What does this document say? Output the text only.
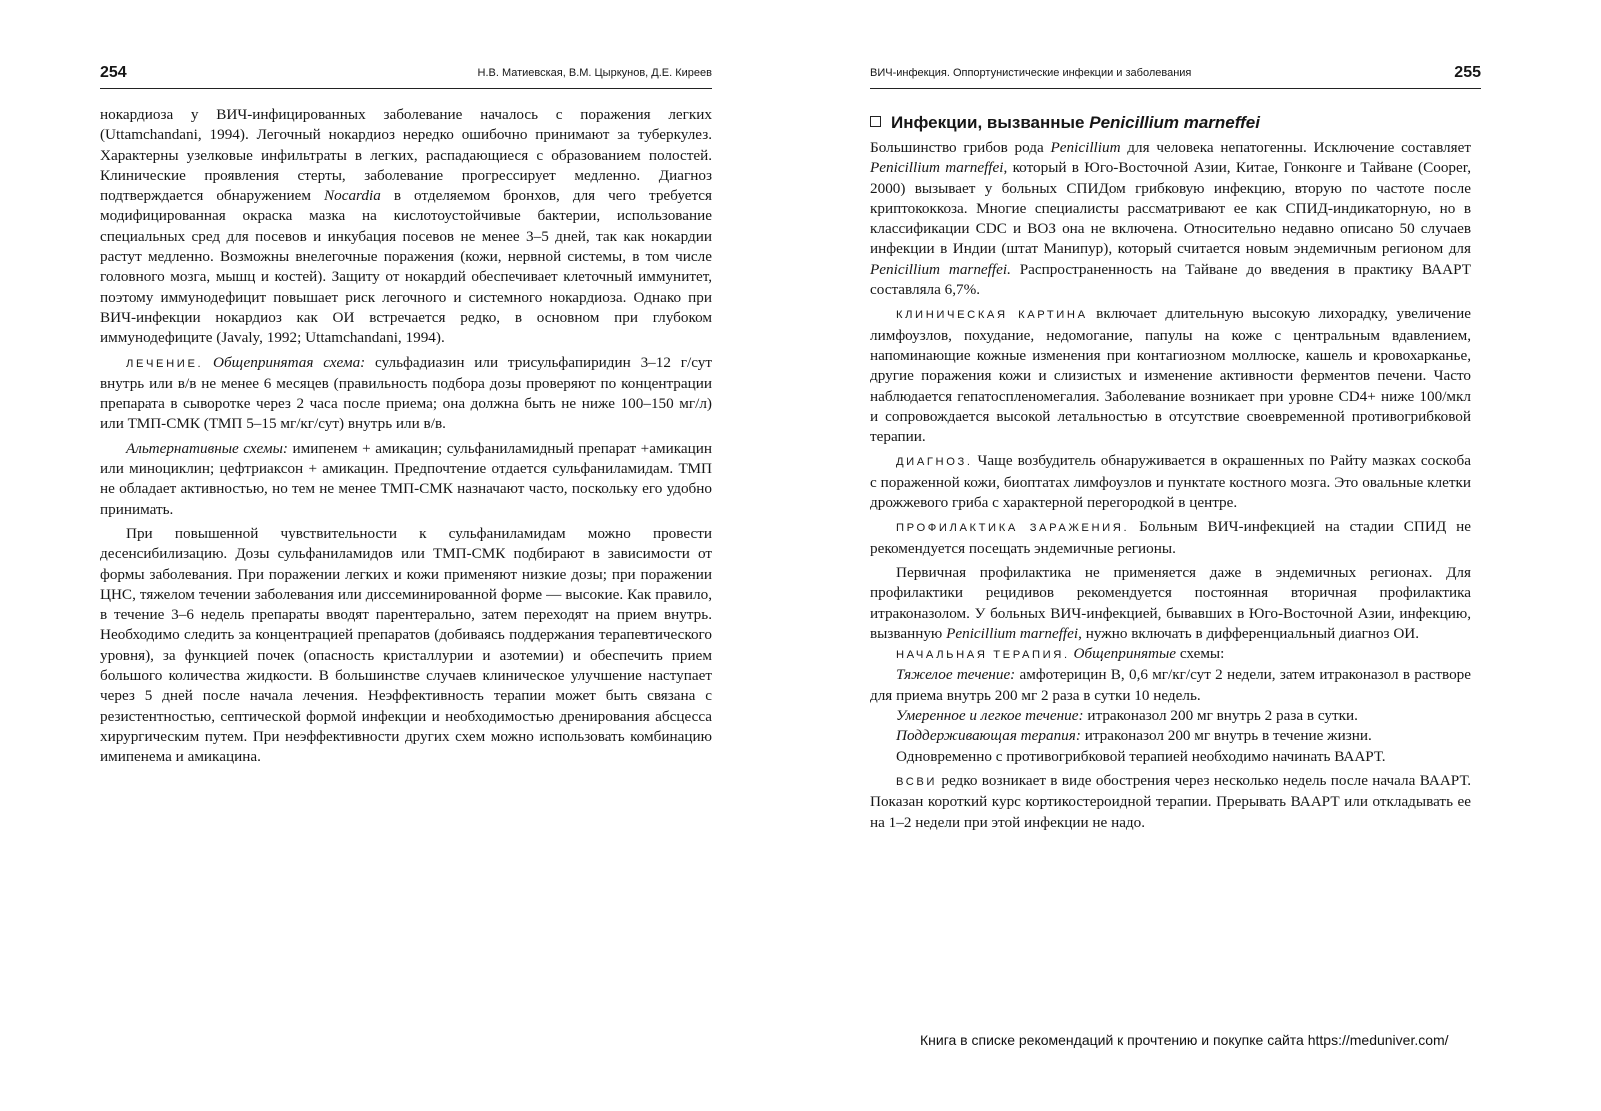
254	Н.В. Матиевская, В.М. Цыркунов, Д.Е. Киреев

нокардиоза у ВИЧ-инфицированных заболевание началось с поражения легких (Uttamchandani, 1994). Легочный нокардиоз нередко ошибочно принимают за туберкулез. Характерны узелковые инфильтраты в легких, распадающиеся с образованием полостей. Клинические проявления стерты, заболевание прогрессирует медленно. Диагноз подтверждается обнаружением Nocardia в отделяемом бронхов, для чего требуется модифицированная окраска мазка на кислотоустойчивые бактерии, использование специальных сред для посевов и инкубация посевов не менее 3–5 дней, так как нокардии растут медленно. Возможны внелегочные поражения (кожи, нервной системы, в том числе головного мозга, мышц и костей). Защиту от нокардий обеспечивает клеточный иммунитет, поэтому иммунодефицит повышает риск легочного и системного нокардиоза. Однако при ВИЧ-инфекции нокардиоз как ОИ встречается редко, в основном при глубоком иммунодефиците (Javaly, 1992; Uttamchandani, 1994).

ЛЕЧЕНИЕ. Общепринятая схема: сульфадиазин или трисульфапиридин 3–12 г/сут внутрь или в/в не менее 6 месяцев (правильность подбора дозы проверяют по концентрации препарата в сывороткe через 2 часа после приема; она должна быть не ниже 100–150 мг/л) или ТМП-СМК (ТМП 5–15 мг/кг/сут) внутрь или в/в.

Альтернативные схемы: имипенем + амикацин; сульфаниламидный препарат +амикацин или миноциклин; цефтриаксон + амикацин. Предпочтение отдается сульфаниламидам. ТМП не обладает активностью, но тем не менее ТМП-СМК назначают часто, поскольку его удобно принимать.

При повышенной чувствительности к сульфаниламидам можно провести десенсибилизацию. Дозы сульфаниламидов или ТМП-СМК подбирают в зависимости от формы заболевания. При поражении легких и кожи применяют низкие дозы; при поражении ЦНС, тяжелом течении заболевания или диссеминированной форме — высокие. Как правило, в течение 3–6 недель препараты вводят парентерально, затем переходят на прием внутрь. Необходимо следить за концентрацией препаратов (добиваясь поддержания терапевтического уровня), за функцией почек (опасность кристаллурии и азотемии) и обеспечить прием большого количества жидкости. В большинстве случаев клиническое улучшение наступает через 5 дней после начала лечения. Неэффективность терапии может быть связана с резистентностью, септической формой инфекции и необходимостью дренирования абсцесса хирургическим путем. При неэффективности других схем можно использовать комбинацию имипенема и амикацина.

ВИЧ-инфекция. Оппортунистические инфекции и заболевания	255
Инфекции, вызванные Penicillium marneffei

Большинство грибов рода Penicillium для человека непатогенны. Исключение составляет Penicillium marneffei, который в Юго-Восточной Азии, Китае, Гонконге и Тайване (Cooper, 2000) вызывает у больных СПИДом грибковую инфекцию, вторую по частоте после криптококкоза. Многие специалисты рассматривают ее как СПИД-индикаторную, но в классификации CDC и ВОЗ она не включена. Относительно недавно описано 50 случаев инфекции в Индии (штат Манипур), который считается новым эндемичным регионом для Penicillium marneffei. Распространенность на Тайване до введения в практику ВААРТ составляла 6,7%.

КЛИНИЧЕСКАЯ КАРТИНА включает длительную высокую лихорадку, увеличение лимфоузлов, похудание, недомогание, папулы на коже с центральным вдавлением, напоминающие кожные изменения при контагиозном моллюске, кашель и кровохарканье, другие поражения кожи и слизистых и изменение активности ферментов печени. Часто наблюдается гепатоспленомегалия. Заболевание возникает при уровне CD4+ ниже 100/мкл и сопровождается высокой летальностью в отсутствие своевременной противогрибковой терапии.

ДИАГНОЗ. Чаще возбудитель обнаруживается в окрашенных по Райту мазках соскоба с пораженной кожи, биоптатах лимфоузлов и пунктате костного мозга. Это овальные клетки дрожжевого гриба с характерной перегородкой в центре.

ПРОФИЛАКТИКА ЗАРАЖЕНИЯ. Больным ВИЧ-инфекцией на стадии СПИД не рекомендуется посещать эндемичные регионы.

Первичная профилактика не применяется даже в эндемичных регионах. Для профилактики рецидивов рекомендуется постоянная вторичная профилактика итраконазолом. У больных ВИЧ-инфекцией, бывавших в Юго-Восточной Азии, инфекцию, вызванную Penicillium marneffei, нужно включать в дифференциальный диагноз ОИ.

НАЧАЛЬНАЯ ТЕРАПИЯ. Общепринятые схемы:

Тяжелое течение: амфотерицин В, 0,6 мг/кг/сут 2 недели, затем итраконазол в растворе для приема внутрь 200 мг 2 раза в сутки 10 недель.

Умеренное и легкое течение: итраконазол 200 мг внутрь 2 раза в сутки.

Поддерживающая терапия: итраконазол 200 мг внутрь в течение жизни.

Одновременно с противогрибковой терапией необходимо начинать ВААРТ.

ВСВИ редко возникает в виде обострения через несколько недель после начала ВААРТ. Показан короткий курс кортикостероидной терапии. Прерывать ВААРТ или откладывать ее на 1–2 недели при этой инфекции не надо.

Книга в списке рекомендаций к прочтению и покупке сайта https://meduniver.com/
